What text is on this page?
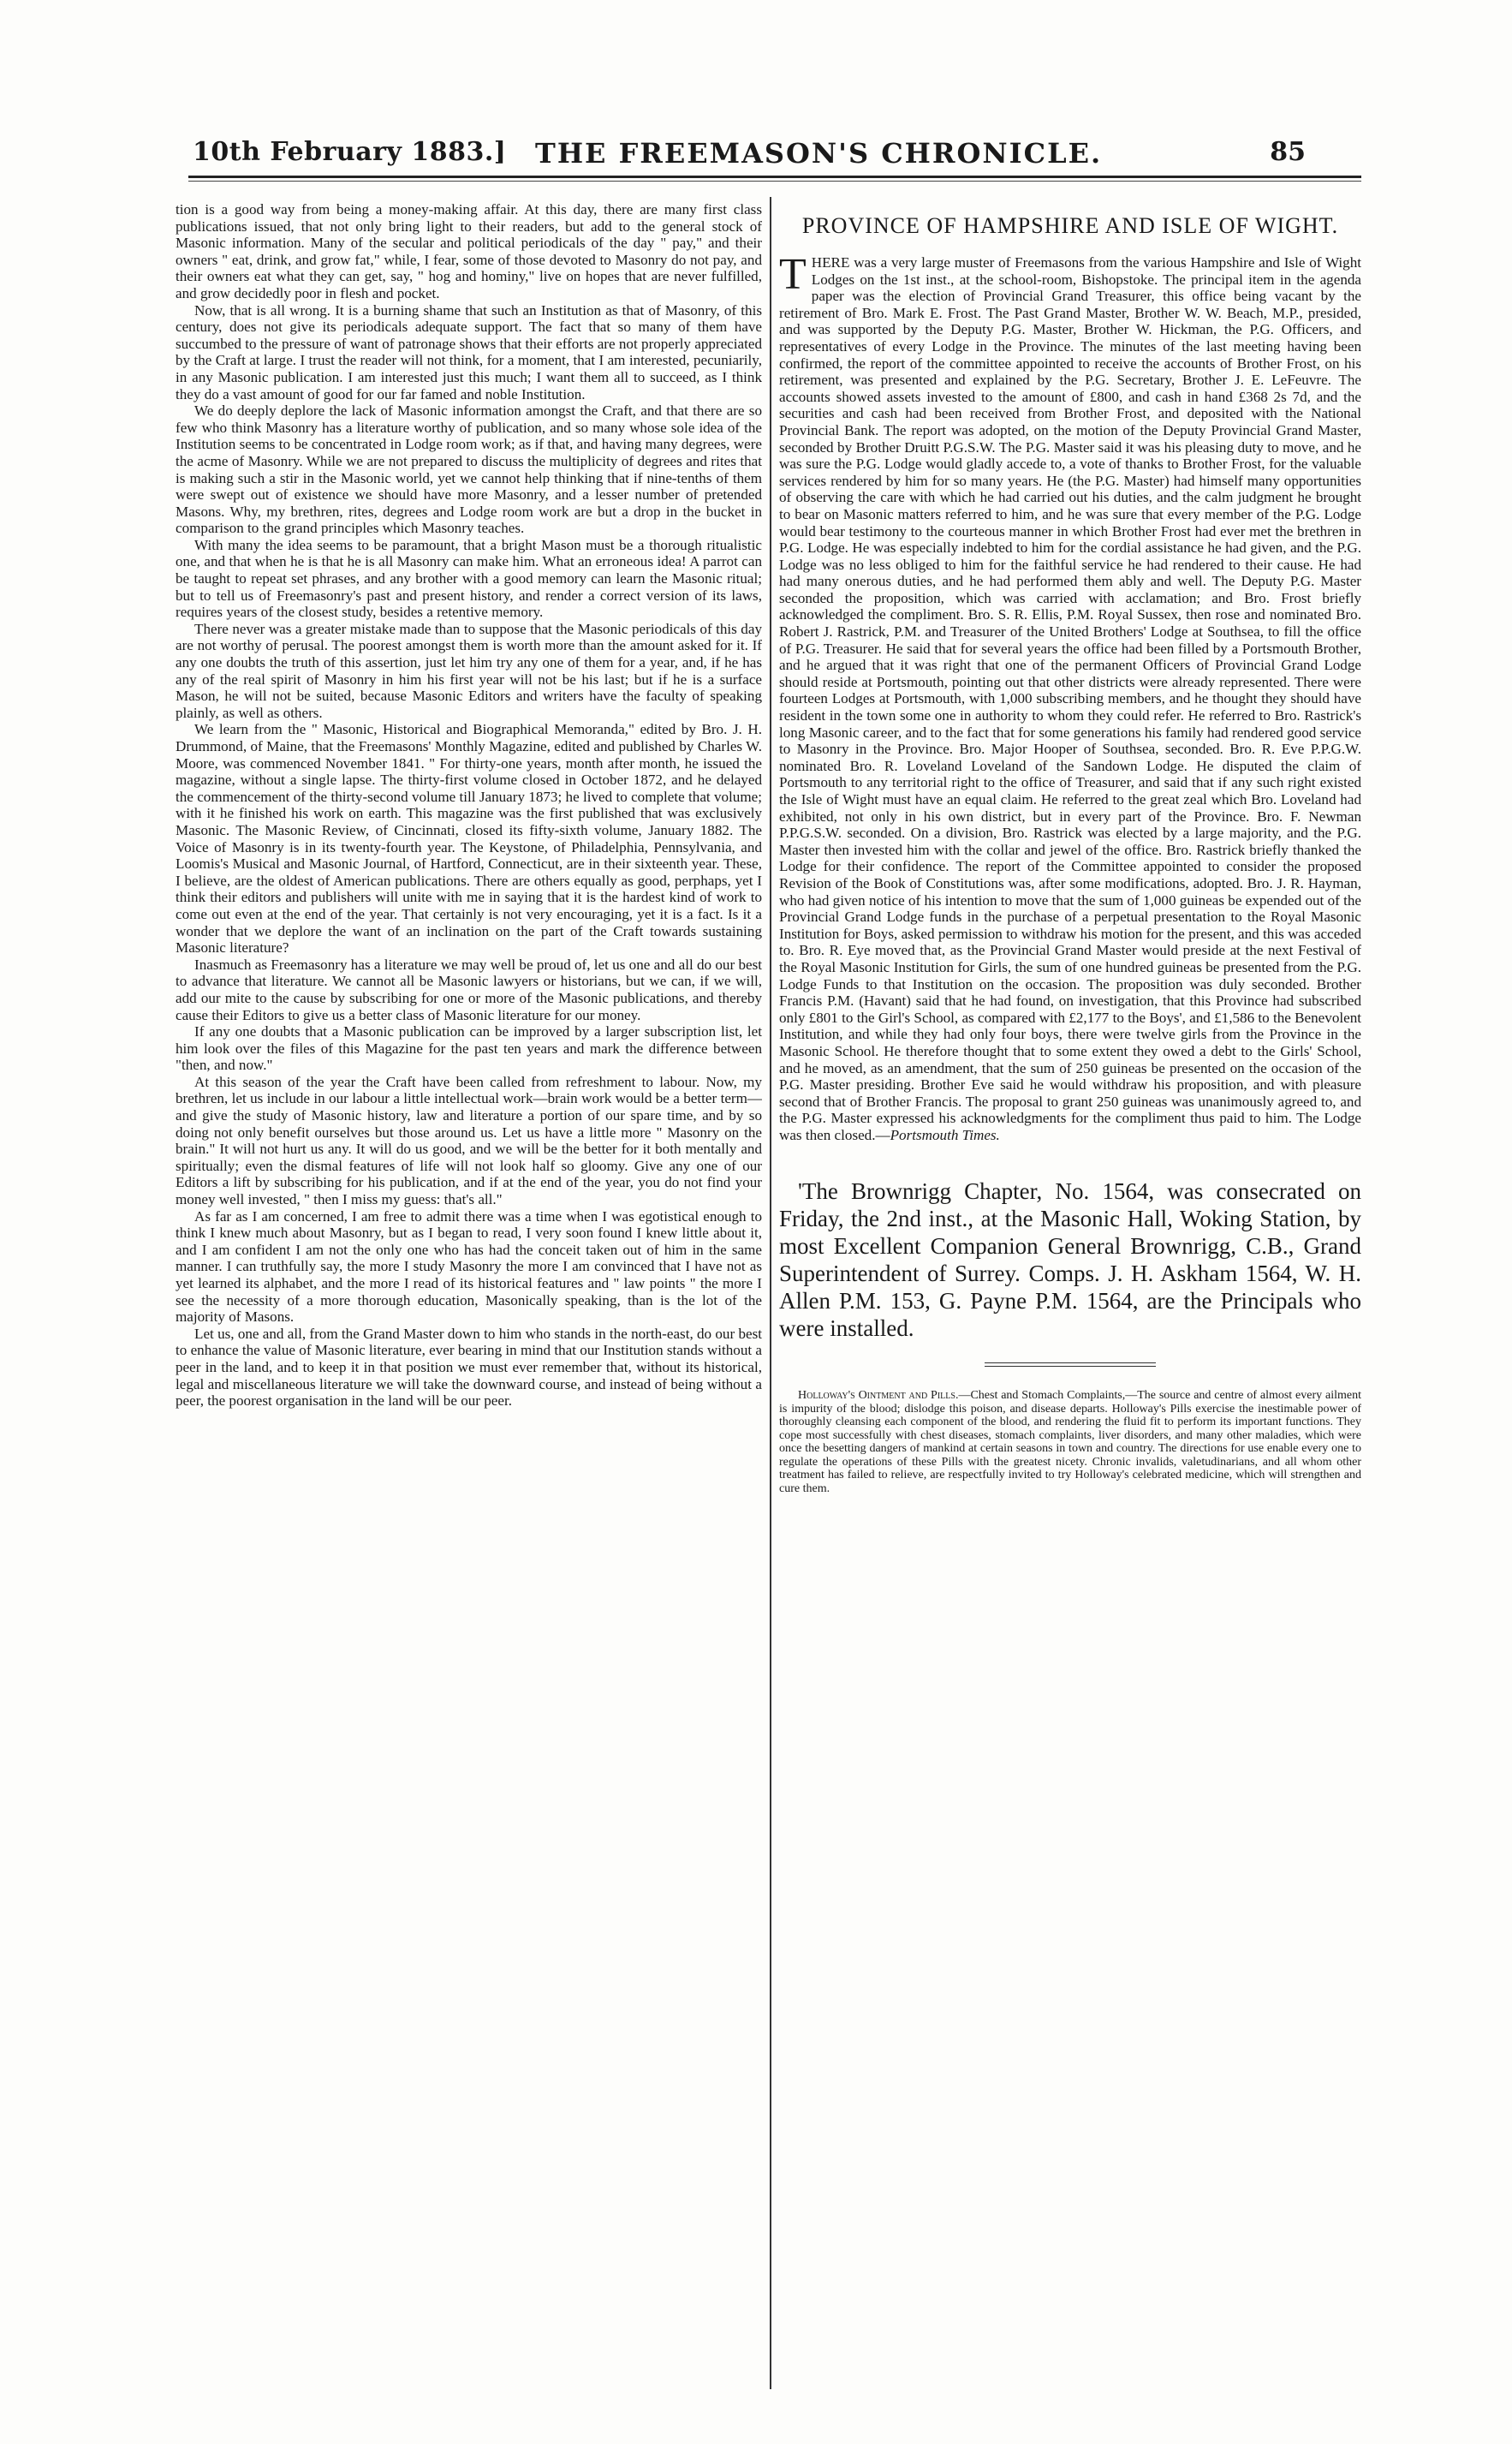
10th February 1883.] THE FREEMASON'S CHRONICLE.	85

tion is a good way from being a money-making affair. At this day, there are many first class publications issued, that not only bring light to their readers, but add to the general stock of Masonic information. Many of the secular and political periodicals of the day " pay," and their owners " eat, drink, and grow fat," while, I fear, some of those devoted to Masonry do not pay, and their owners eat what they can get, say, " hog and hominy," live on hopes that are never fulfilled, and grow decidedly poor in flesh and pocket.

Now, that is all wrong. It is a burning shame that such an Institution as that of Masonry, of this century, does not give its periodicals adequate support. The fact that so many of them have succumbed to the pressure of want of patronage shows that their efforts are not properly appreciated by the Craft at large. I trust the reader will not think, for a moment, that I am interested, pecuniarily, in any Masonic publication. I am interested just this much; I want them all to succeed, as I think they do a vast amount of good for our far famed and noble Institution.

We do deeply deplore the lack of Masonic information amongst the Craft, and that there are so few who think Masonry has a literature worthy of publication, and so many whose sole idea of the Institution seems to be concentrated in Lodge room work; as if that, and having many degrees, were the acme of Masonry. While we are not prepared to discuss the multiplicity of degrees and rites that is making such a stir in the Masonic world, yet we cannot help thinking that if nine-tenths of them were swept out of existence we should have more Masonry, and a lesser number of pretended Masons. Why, my brethren, rites, degrees and Lodge room work are but a drop in the bucket in comparison to the grand principles which Masonry teaches.

With many the idea seems to be paramount, that a bright Mason must be a thorough ritualistic one, and that when he is that he is all Masonry can make him. What an erroneous idea! A parrot can be taught to repeat set phrases, and any brother with a good memory can learn the Masonic ritual; but to tell us of Freemasonry's past and present history, and render a correct version of its laws, requires years of the closest study, besides a retentive memory.

There never was a greater mistake made than to suppose that the Masonic periodicals of this day are not worthy of perusal. The poorest amongst them is worth more than the amount asked for it. If any one doubts the truth of this assertion, just let him try any one of them for a year, and, if he has any of the real spirit of Masonry in him his first year will not be his last; but if he is a surface Mason, he will not be suited, because Masonic Editors and writers have the faculty of speaking plainly, as well as others.

We learn from the " Masonic, Historical and Biographical Memoranda," edited by Bro. J. H. Drummond, of Maine, that the Freemasons' Monthly Magazine, edited and published by Charles W. Moore, was commenced November 1841. " For thirty-one years, month after month, he issued the magazine, without a single lapse. The thirty-first volume closed in October 1872, and he delayed the commencement of the thirty-second volume till January 1873; he lived to complete that volume; with it he finished his work on earth. This magazine was the first published that was exclusively Masonic. The Masonic Review, of Cincinnati, closed its fifty-sixth volume, January 1882. The Voice of Masonry is in its twenty-fourth year. The Keystone, of Philadelphia, Pennsylvania, and Loomis's Musical and Masonic Journal, of Hartford, Connecticut, are in their sixteenth year. These, I believe, are the oldest of American publications. There are others equally as good, perphaps, yet I think their editors and publishers will unite with me in saying that it is the hardest kind of work to come out even at the end of the year. That certainly is not very encouraging, yet it is a fact. Is it a wonder that we deplore the want of an inclination on the part of the Craft towards sustaining Masonic literature?

Inasmuch as Freemasonry has a literature we may well be proud of, let us one and all do our best to advance that literature. We cannot all be Masonic lawyers or historians, but we can, if we will, add our mite to the cause by subscribing for one or more of the Masonic publications, and thereby cause their Editors to give us a better class of Masonic literature for our money.

If any one doubts that a Masonic publication can be improved by a larger subscription list, let him look over the files of this Magazine for the past ten years and mark the difference between "then, and now."

At this season of the year the Craft have been called from refreshment to labour. Now, my brethren, let us include in our labour a little intellectual work—brain work would be a better term—and give the study of Masonic history, law and literature a portion of our spare time, and by so doing not only benefit ourselves but those around us. Let us have a little more " Masonry on the brain." It will not hurt us any. It will do us good, and we will be the better for it both mentally and spiritually; even the dismal features of life will not look half so gloomy. Give any one of our Editors a lift by subscribing for his publication, and if at the end of the year, you do not find your money well invested, " then I miss my guess: that's all."

As far as I am concerned, I am free to admit there was a time when I was egotistical enough to think I knew much about Masonry, but as I began to read, I very soon found I knew little about it, and I am confident I am not the only one who has had the conceit taken out of him in the same manner. I can truthfully say, the more I study Masonry the more I am convinced that I have not as yet learned its alphabet, and the more I read of its historical features and " law points " the more I see the necessity of a more thorough education, Masonically speaking, than is the lot of the majority of Masons.

Let us, one and all, from the Grand Master down to him who stands in the north-east, do our best to enhance the value of Masonic literature, ever bearing in mind that our Institution stands without a peer in the land, and to keep it in that position we must ever remember that, without its historical, legal and miscellaneous literature we will take the downward course, and instead of being without a peer, the poorest organisation in the land will be our peer.

PROVINCE OF HAMPSHIRE AND ISLE OF WIGHT.

THERE was a very large muster of Freemasons from the various Hampshire and Isle of Wight Lodges on the 1st inst., at the school-room, Bishopstoke. The principal item in the agenda paper was the election of Provincial Grand Treasurer, this office being vacant by the retirement of Bro. Mark E. Frost. The Past Grand Master, Brother W. W. Beach, M.P., presided, and was supported by the Deputy P.G. Master, Brother W. Hickman, the P.G. Officers, and representatives of every Lodge in the Province. The minutes of the last meeting having been confirmed, the report of the committee appointed to receive the accounts of Brother Frost, on his retirement, was presented and explained by the P.G. Secretary, Brother J. E. LeFeuvre. The accounts showed assets invested to the amount of £800, and cash in hand £368 2s 7d, and the securities and cash had been received from Brother Frost, and deposited with the National Provincial Bank. The report was adopted, on the motion of the Deputy Provincial Grand Master, seconded by Brother Druitt P.G.S.W. The P.G. Master said it was his pleasing duty to move, and he was sure the P.G. Lodge would gladly accede to, a vote of thanks to Brother Frost, for the valuable services rendered by him for so many years. He (the P.G. Master) had himself many opportunities of observing the care with which he had carried out his duties, and the calm judgment he brought to bear on Masonic matters referred to him, and he was sure that every member of the P.G. Lodge would bear testimony to the courteous manner in which Brother Frost had ever met the brethren in P.G. Lodge. He was especially indebted to him for the cordial assistance he had given, and the P.G. Lodge was no less obliged to him for the faithful service he had rendered to their cause. He had had many onerous duties, and he had performed them ably and well. The Deputy P.G. Master seconded the proposition, which was carried with acclamation; and Bro. Frost briefly acknowledged the compliment. Bro. S. R. Ellis, P.M. Royal Sussex, then rose and nominated Bro. Robert J. Rastrick, P.M. and Treasurer of the United Brothers' Lodge at Southsea, to fill the office of P.G. Treasurer. He said that for several years the office had been filled by a Portsmouth Brother, and he argued that it was right that one of the permanent Officers of Provincial Grand Lodge should reside at Portsmouth, pointing out that other districts were already represented. There were fourteen Lodges at Portsmouth, with 1,000 subscribing members, and he thought they should have resident in the town some one in authority to whom they could refer. He referred to Bro. Rastrick's long Masonic career, and to the fact that for some generations his family had rendered good service to Masonry in the Province. Bro. Major Hooper of Southsea, seconded. Bro. R. Eve P.P.G.W. nominated Bro. R. Loveland Loveland of the Sandown Lodge. He disputed the claim of Portsmouth to any territorial right to the office of Treasurer, and said that if any such right existed the Isle of Wight must have an equal claim. He referred to the great zeal which Bro. Loveland had exhibited, not only in his own district, but in every part of the Province. Bro. F. Newman P.P.G.S.W. seconded. On a division, Bro. Rastrick was elected by a large majority, and the P.G. Master then invested him with the collar and jewel of the office. Bro. Rastrick briefly thanked the Lodge for their confidence. The report of the Committee appointed to consider the proposed Revision of the Book of Constitutions was, after some modifications, adopted. Bro. J. R. Hayman, who had given notice of his intention to move that the sum of 1,000 guineas be expended out of the Provincial Grand Lodge funds in the purchase of a perpetual presentation to the Royal Masonic Institution for Boys, asked permission to withdraw his motion for the present, and this was acceded to. Bro. R. Eye moved that, as the Provincial Grand Master would preside at the next Festival of the Royal Masonic Institution for Girls, the sum of one hundred guineas be presented from the P.G. Lodge Funds to that Institution on the occasion. The proposition was duly seconded. Brother Francis P.M. (Havant) said that he had found, on investigation, that this Province had subscribed only £801 to the Girl's School, as compared with £2,177 to the Boys', and £1,586 to the Benevolent Institution, and while they had only four boys, there were twelve girls from the Province in the Masonic School. He therefore thought that to some extent they owed a debt to the Girls' School, and he moved, as an amendment, that the sum of 250 guineas be presented on the occasion of the P.G. Master presiding. Brother Eve said he would withdraw his proposition, and with pleasure second that of Brother Francis. The proposal to grant 250 guineas was unanimously agreed to, and the P.G. Master expressed his acknowledgments for the compliment thus paid to him. The Lodge was then closed.—Portsmouth Times.

'The Brownrigg Chapter, No. 1564, was consecrated on Friday, the 2nd inst., at the Masonic Hall, Woking Station, by most Excellent Companion General Brownrigg, C.B., Grand Superintendent of Surrey. Comps. J. H. Askham 1564, W. H. Allen P.M. 153, G. Payne P.M. 1564, are the Principals who were installed.

Holloway's Ointment and Pills.—Chest and Stomach Complaints,—The source and centre of almost every ailment is impurity of the blood; dislodge this poison, and disease departs. Holloway's Pills exercise the inestimable power of thoroughly cleansing each component of the blood, and rendering the fluid fit to perform its important functions. They cope most successfully with chest diseases, stomach complaints, liver disorders, and many other maladies, which were once the besetting dangers of mankind at certain seasons in town and country. The directions for use enable every one to regulate the operations of these Pills with the greatest nicety. Chronic invalids, valetudinarians, and all whom other treatment has failed to relieve, are respectfully invited to try Holloway's celebrated medicine, which will strengthen and cure them.
